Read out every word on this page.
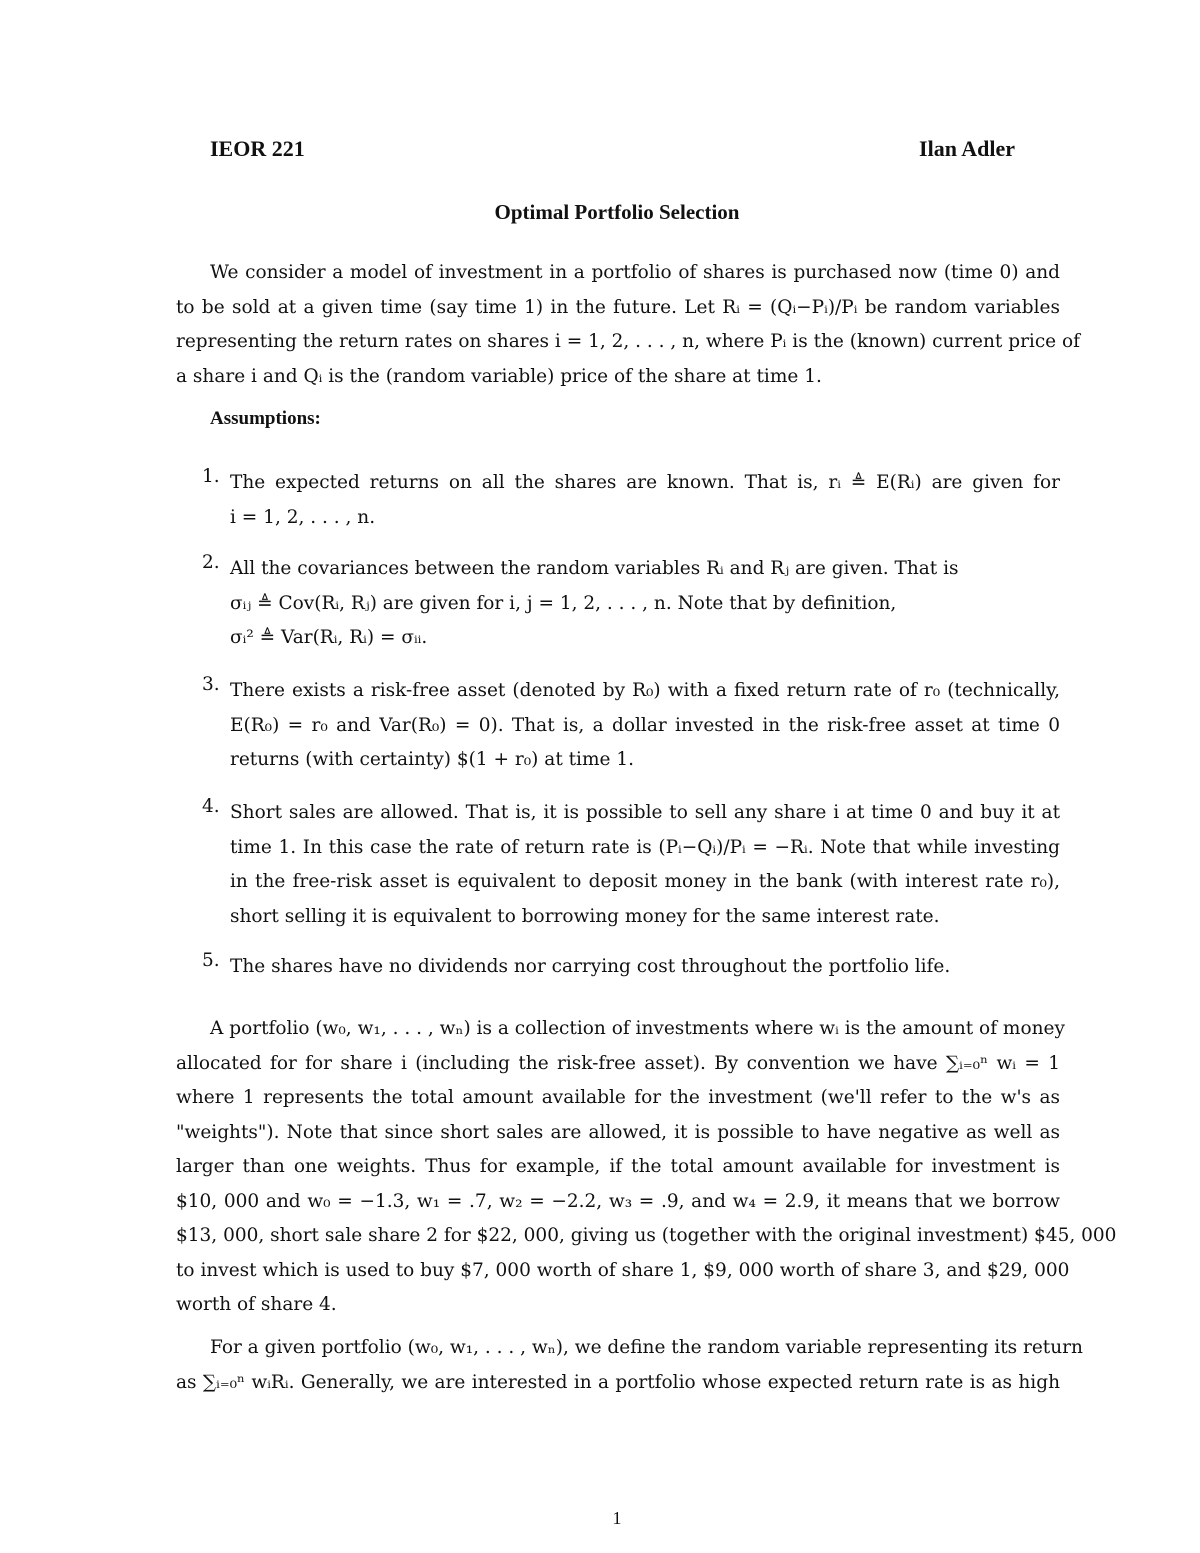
IEOR 221	Ilan Adler
Optimal Portfolio Selection

We consider a model of investment in a portfolio of shares is purchased now (time 0) and

to be sold at a given time (say time 1) in the future. Let Rᵢ = (Qᵢ−Pᵢ)/Pᵢ be random variables

representing the return rates on shares i = 1, 2, . . . , n, where Pᵢ is the (known) current price of

a share i and Qᵢ is the (random variable) price of the share at time 1.

Assumptions:
1. The expected returns on all the shares are known. That is, rᵢ ≜ E(Rᵢ) are given for

i = 1, 2, . . . , n.

2. All the covariances between the random variables Rᵢ and Rⱼ are given. That is

σᵢⱼ ≜ Cov(Rᵢ, Rⱼ) are given for i, j = 1, 2, . . . , n. Note that by definition,

σᵢ² ≜ Var(Rᵢ, Rᵢ) = σᵢᵢ.

3. There exists a risk-free asset (denoted by R₀) with a fixed return rate of r₀ (technically,

E(R₀) = r₀ and Var(R₀) = 0). That is, a dollar invested in the risk-free asset at time 0

returns (with certainty) $(1 + r₀) at time 1.

4. Short sales are allowed. That is, it is possible to sell any share i at time 0 and buy it at

time 1. In this case the rate of return rate is (Pᵢ−Qᵢ)/Pᵢ = −Rᵢ. Note that while investing

in the free-risk asset is equivalent to deposit money in the bank (with interest rate r₀),

short selling it is equivalent to borrowing money for the same interest rate.

5. The shares have no dividends nor carrying cost throughout the portfolio life.

A portfolio (w₀, w₁, . . . , wₙ) is a collection of investments where wᵢ is the amount of money

allocated for for share i (including the risk-free asset). By convention we have ∑ᵢ₌₀ⁿ wᵢ = 1

where 1 represents the total amount available for the investment (we'll refer to the w's as

"weights"). Note that since short sales are allowed, it is possible to have negative as well as

larger than one weights. Thus for example, if the total amount available for investment is

$10, 000 and w₀ = −1.3, w₁ = .7, w₂ = −2.2, w₃ = .9, and w₄ = 2.9, it means that we borrow

$13, 000, short sale share 2 for $22, 000, giving us (together with the original investment) $45, 000

to invest which is used to buy $7, 000 worth of share 1, $9, 000 worth of share 3, and $29, 000

worth of share 4.

For a given portfolio (w₀, w₁, . . . , wₙ), we define the random variable representing its return

as ∑ᵢ₌₀ⁿ wᵢRᵢ. Generally, we are interested in a portfolio whose expected return rate is as high

1
